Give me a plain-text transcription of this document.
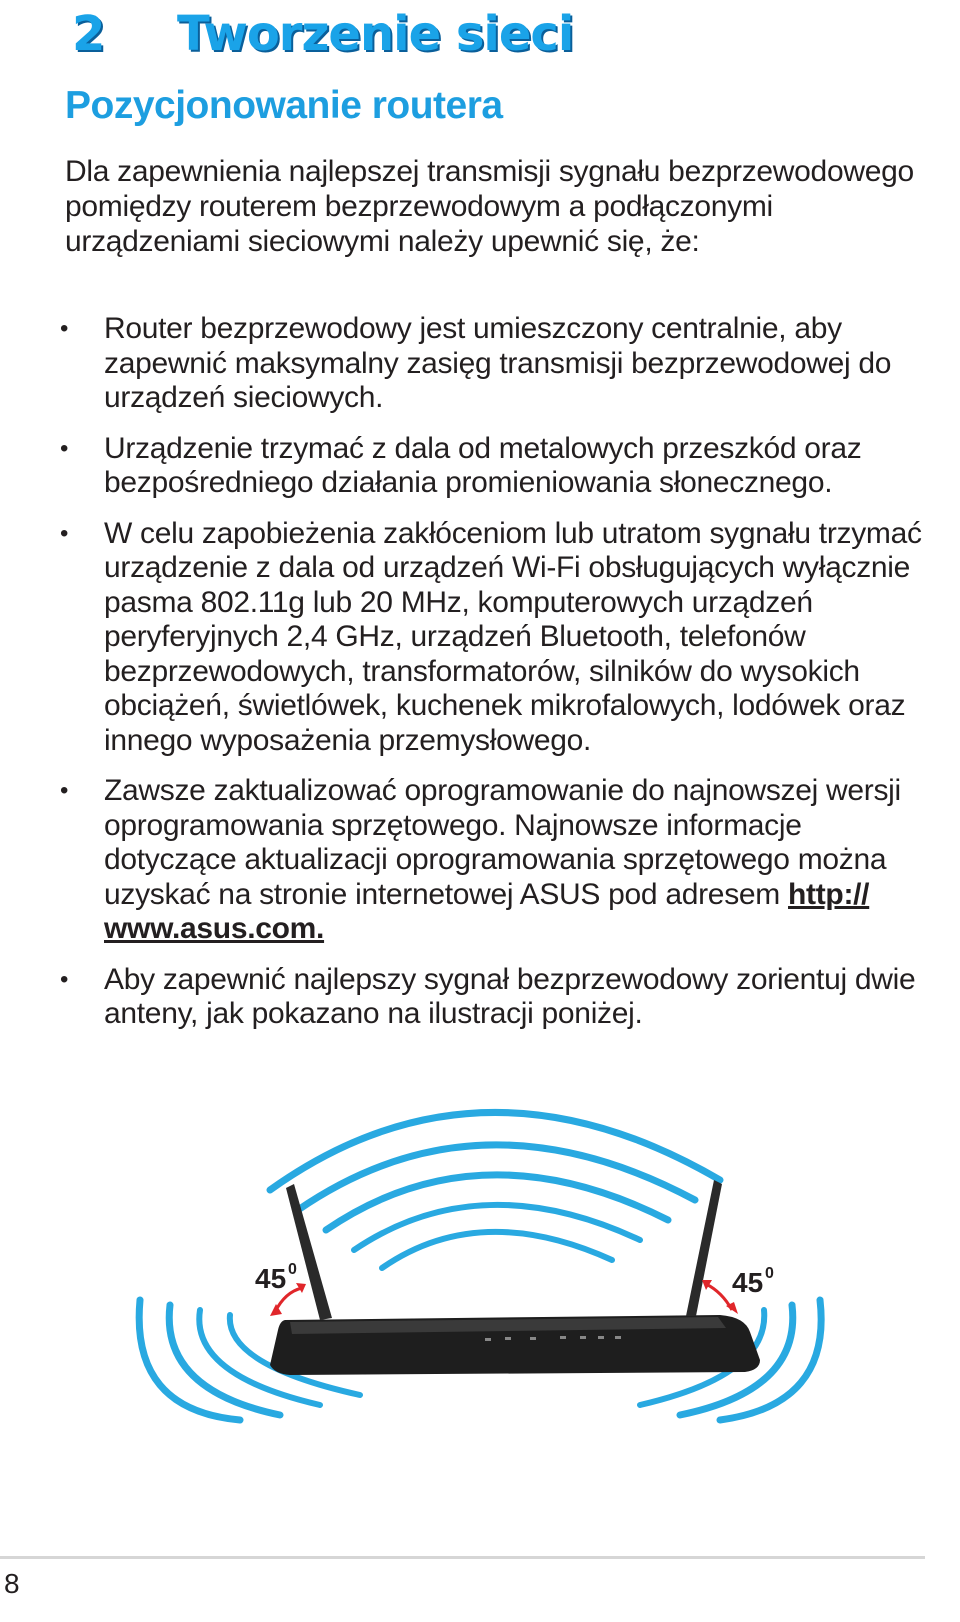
2 Tworzenie sieci
Pozycjonowanie routera

Dla zapewnienia najlepszej transmisji sygnału bezprzewodowego pomiędzy routerem bezprzewodowym a podłączonymi urządzeniami sieciowymi należy upewnić się, że:

• Router bezprzewodowy jest umieszczony centralnie, aby zapewnić maksymalny zasięg transmisji bezprzewodowej do urządzeń sieciowych.
• Urządzenie trzymać z dala od metalowych przeszkód oraz bezpośredniego działania promieniowania słonecznego.
• W celu zapobieżenia zakłóceniom lub utratom sygnału trzymać urządzenie z dala od urządzeń Wi-Fi obsługujących wyłącznie pasma 802.11g lub 20 MHz, komputerowych urządzeń peryferyjnych 2,4 GHz, urządzeń Bluetooth, telefonów bezprzewodowych, transformatorów, silników do wysokich obciążeń, świetlówek, kuchenek mikrofalowych, lodówek oraz innego wyposażenia przemysłowego.
• Zawsze zaktualizować oprogramowanie do najnowszej wersji oprogramowania sprzętowego. Najnowsze informacje dotyczące aktualizacji oprogramowania sprzętowego można uzyskać na stronie internetowej ASUS pod adresem http:// www.asus.com.
• Aby zapewnić najlepszy sygnał bezprzewodowy zorientuj dwie anteny, jak pokazano na ilustracji poniżej.
45 0	45 0
8
